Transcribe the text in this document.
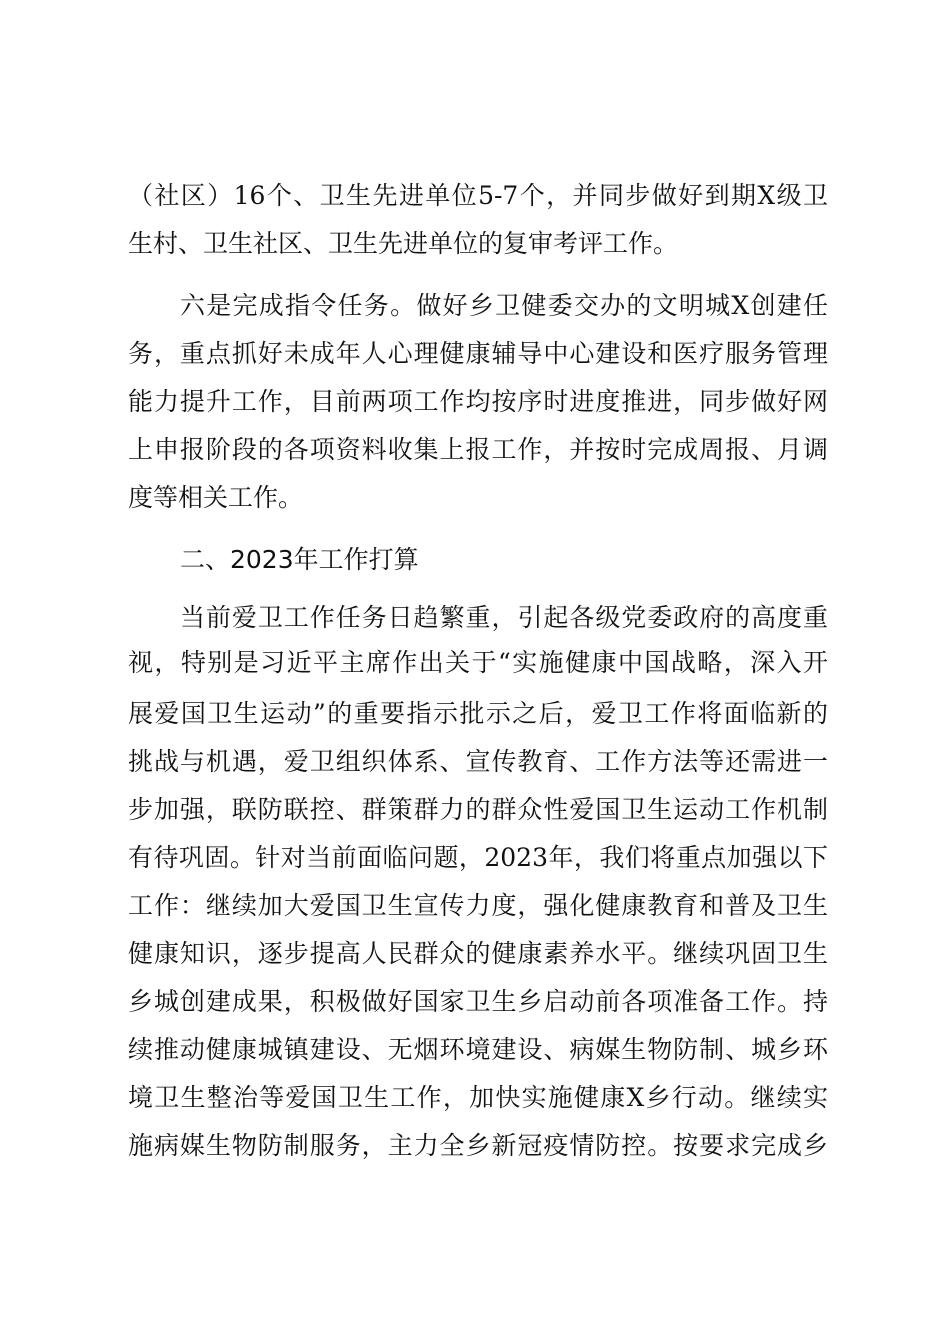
（社区）16个、卫生先进单位5-7个，并同步做好到期X级卫
生村、卫生社区、卫生先进单位的复审考评工作。
六是完成指令任务。做好乡卫健委交办的文明城X创建任
务，重点抓好未成年人心理健康辅导中心建设和医疗服务管理
能力提升工作，目前两项工作均按序时进度推进，同步做好网
上申报阶段的各项资料收集上报工作，并按时完成周报、月调
度等相关工作。
二、2023年工作打算
当前爱卫工作任务日趋繁重，引起各级党委政府的高度重
视，特别是习近平主席作出关于“实施健康中国战略，深入开
展爱国卫生运动”的重要指示批示之后，爱卫工作将面临新的
挑战与机遇，爱卫组织体系、宣传教育、工作方法等还需进一
步加强，联防联控、群策群力的群众性爱国卫生运动工作机制
有待巩固。针对当前面临问题，2023年，我们将重点加强以下
工作：继续加大爱国卫生宣传力度，强化健康教育和普及卫生
健康知识，逐步提高人民群众的健康素养水平。继续巩固卫生
乡城创建成果，积极做好国家卫生乡启动前各项准备工作。持
续推动健康城镇建设、无烟环境建设、病媒生物防制、城乡环
境卫生整治等爱国卫生工作，加快实施健康X乡行动。继续实
施病媒生物防制服务，主力全乡新冠疫情防控。按要求完成乡
